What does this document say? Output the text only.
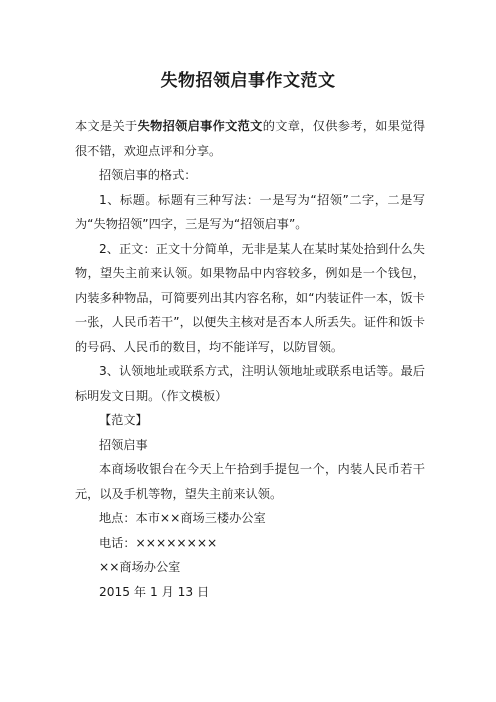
失物招领启事作文范文

本文是关于失物招领启事作文范文的文章，仅供参考，如果觉得很不错，欢迎点评和分享。

招领启事的格式：

1、标题。标题有三种写法：一是写为“招领”二字，二是写为“失物招领”四字，三是写为“招领启事”。

2、正文：正文十分简单，无非是某人在某时某处拾到什么失物，望失主前来认领。如果物品中内容较多，例如是一个钱包，内装多种物品，可简要列出其内容名称，如“内装证件一本，饭卡一张，人民币若干”，以便失主核对是否本人所丢失。证件和饭卡的号码、人民币的数目，均不能详写，以防冒领。

3、认领地址或联系方式，注明认领地址或联系电话等。最后标明发文日期。（作文模板）

【范文】

招领启事

本商场收银台在今天上午拾到手提包一个，内装人民币若干元，以及手机等物，望失主前来认领。

地点：本市××商场三楼办公室

电话：××××××××

××商场办公室

2015 年 1 月 13 日
